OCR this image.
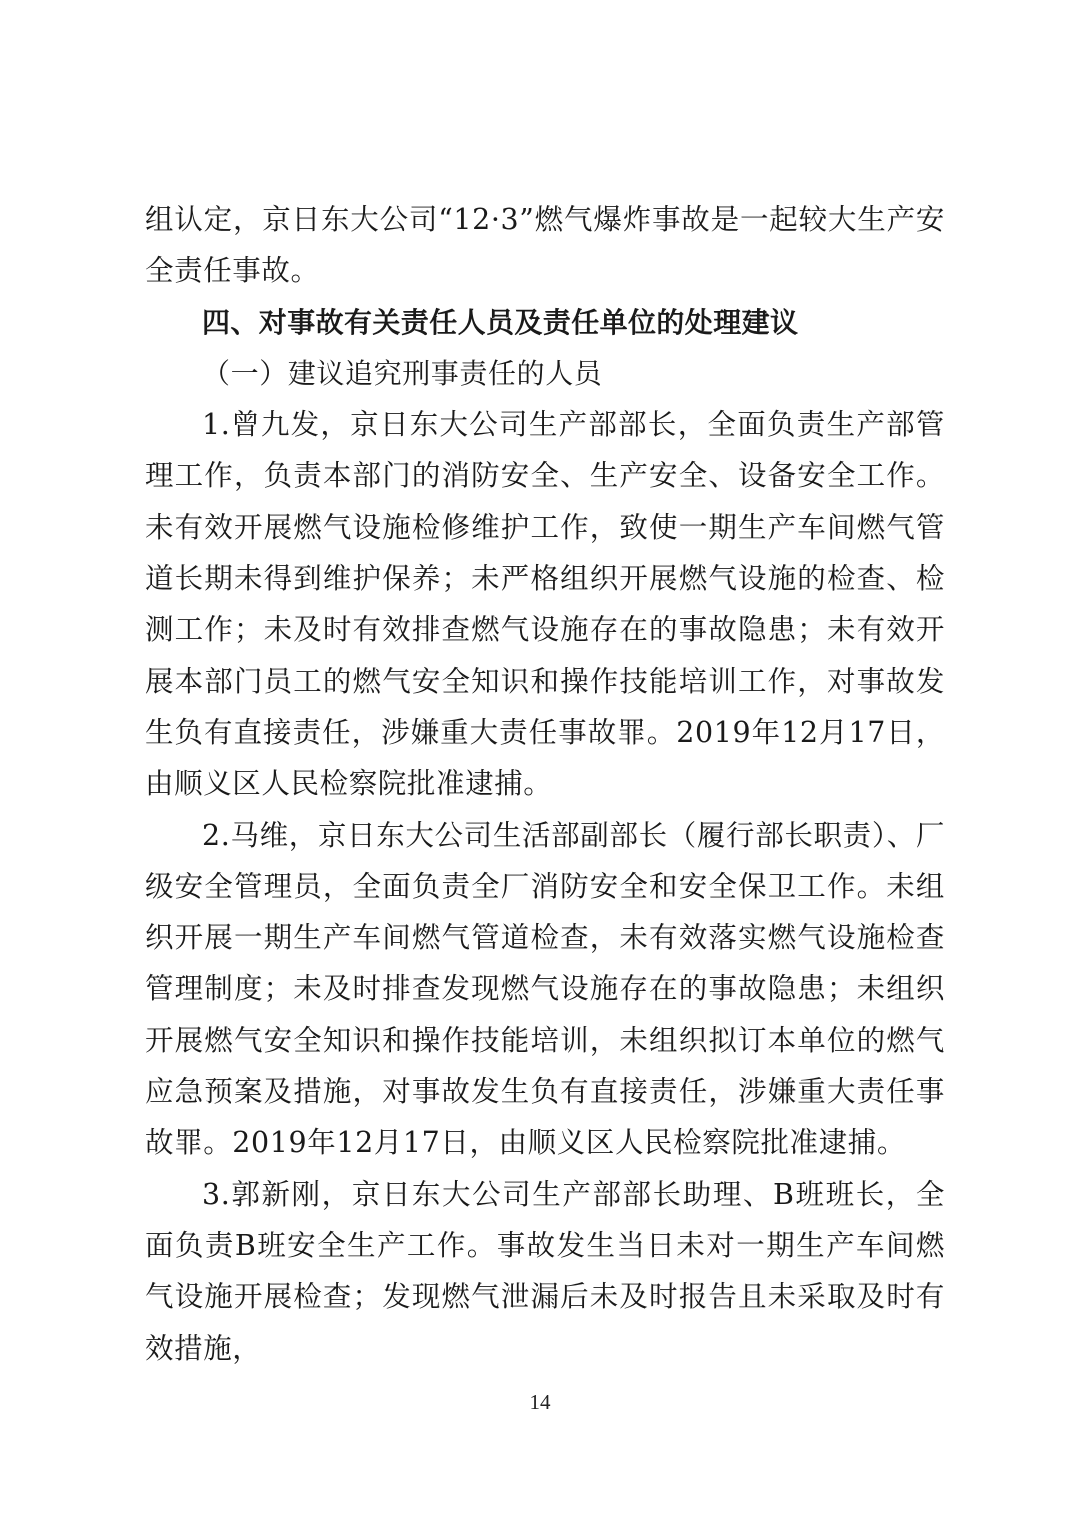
组认定，京日东大公司“12·3”燃气爆炸事故是一起较大生产安全责任事故。

四、对事故有关责任人员及责任单位的处理建议

（一）建议追究刑事责任的人员

1.曾九发，京日东大公司生产部部长，全面负责生产部管理工作，负责本部门的消防安全、生产安全、设备安全工作。未有效开展燃气设施检修维护工作，致使一期生产车间燃气管道长期未得到维护保养；未严格组织开展燃气设施的检查、检测工作；未及时有效排查燃气设施存在的事故隐患；未有效开展本部门员工的燃气安全知识和操作技能培训工作，对事故发生负有直接责任，涉嫌重大责任事故罪。2019年12月17日，由顺义区人民检察院批准逮捕。

2.马维，京日东大公司生活部副部长（履行部长职责）、厂级安全管理员，全面负责全厂消防安全和安全保卫工作。未组织开展一期生产车间燃气管道检查，未有效落实燃气设施检查管理制度；未及时排查发现燃气设施存在的事故隐患；未组织开展燃气安全知识和操作技能培训，未组织拟订本单位的燃气应急预案及措施，对事故发生负有直接责任，涉嫌重大责任事故罪。2019年12月17日，由顺义区人民检察院批准逮捕。

3.郭新刚，京日东大公司生产部部长助理、B班班长，全面负责B班安全生产工作。事故发生当日未对一期生产车间燃气设施开展检查；发现燃气泄漏后未及时报告且未采取及时有效措施，

14
